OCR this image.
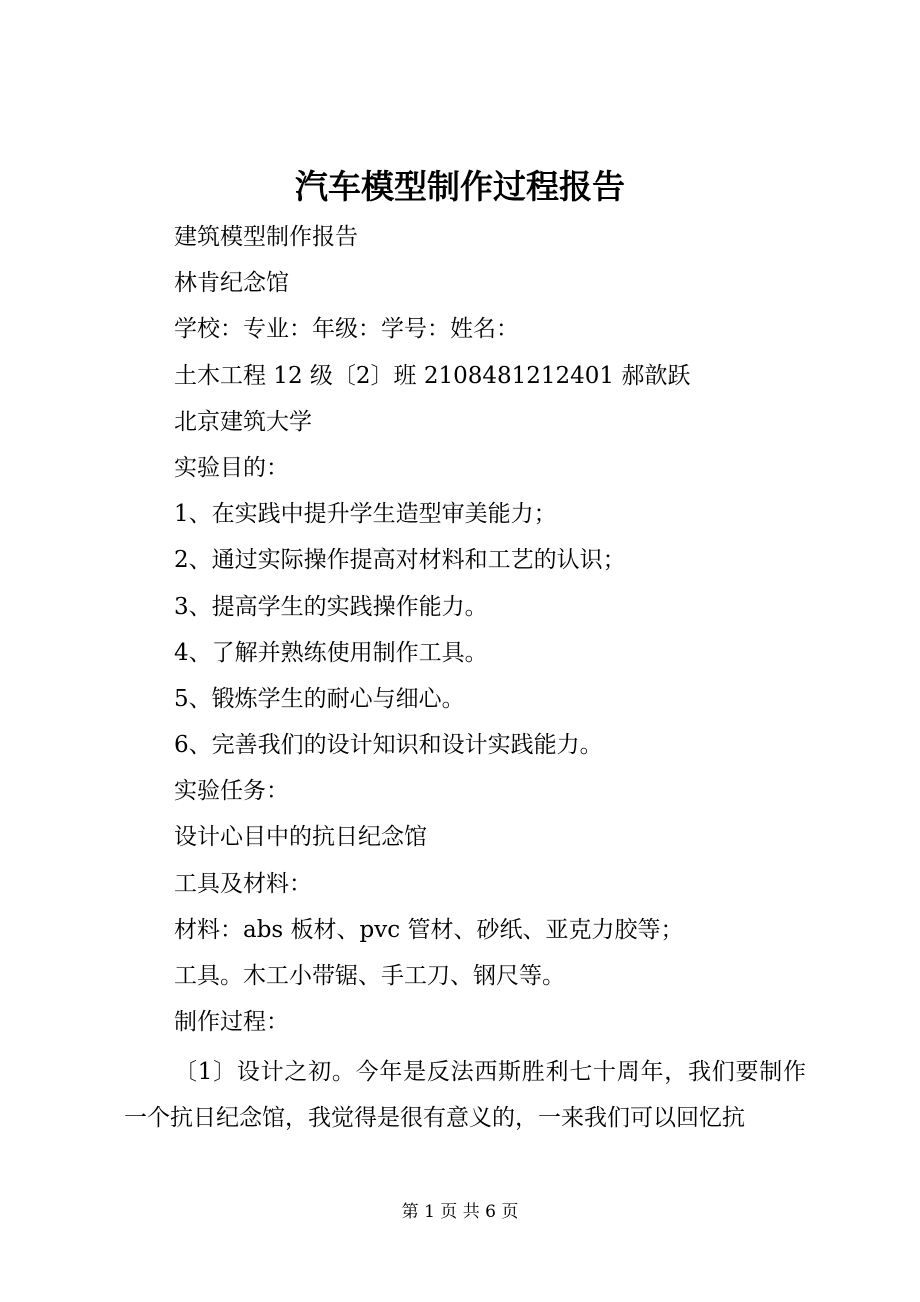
汽车模型制作过程报告

建筑模型制作报告

林肯纪念馆

学校：专业：年级：学号：姓名：

土木工程 12 级〔2〕班 2108481212401 郝歆跃

北京建筑大学

实验目的：

1、在实践中提升学生造型审美能力；

2、通过实际操作提高对材料和工艺的认识；

3、提高学生的实践操作能力。

4、了解并熟练使用制作工具。

5、锻炼学生的耐心与细心。

6、完善我们的设计知识和设计实践能力。

实验任务：

设计心目中的抗日纪念馆

工具及材料：

材料：abs 板材、pvc 管材、砂纸、亚克力胶等；

工具。木工小带锯、手工刀、钢尺等。

制作过程：

〔1〕设计之初。今年是反法西斯胜利七十周年，我们要制作一个抗日纪念馆，我觉得是很有意义的，一来我们可以回忆抗

第 1 页 共 6 页
